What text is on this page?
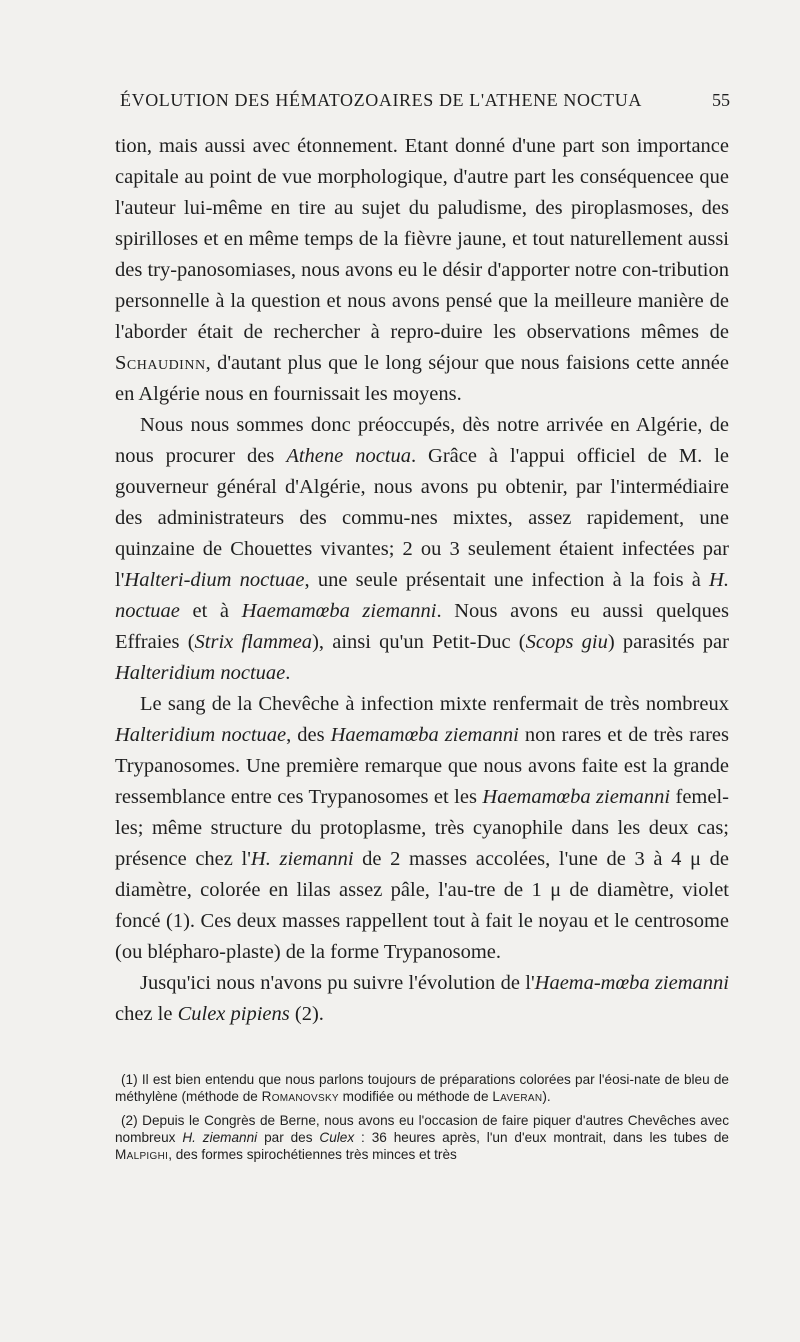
ÉVOLUTION DES HÉMATOZOAIRES DE L'ATHENE NOCTUA	55

tion, mais aussi avec étonnement. Etant donné d'une part son importance capitale au point de vue morphologique, d'autre part les conséquencee que l'auteur lui-même en tire au sujet du paludisme, des piroplasmoses, des spirilloses et en même temps de la fièvre jaune, et tout naturellement aussi des try-panosomiases, nous avons eu le désir d'apporter notre con-tribution personnelle à la question et nous avons pensé que la meilleure manière de l'aborder était de rechercher à repro-duire les observations mêmes de Schaudinn, d'autant plus que le long séjour que nous faisions cette année en Algérie nous en fournissait les moyens.

Nous nous sommes donc préoccupés, dès notre arrivée en Algérie, de nous procurer des Athene noctua. Grâce à l'appui officiel de M. le gouverneur général d'Algérie, nous avons pu obtenir, par l'intermédiaire des administrateurs des commu-nes mixtes, assez rapidement, une quinzaine de Chouettes vivantes; 2 ou 3 seulement étaient infectées par l'Halteri-dium noctuae, une seule présentait une infection à la fois à H. noctuae et à Haemamœba ziemanni. Nous avons eu aussi quelques Effraies (Strix flammea), ainsi qu'un Petit-Duc (Scops giu) parasités par Halteridium noctuae.

Le sang de la Chevêche à infection mixte renfermait de très nombreux Halteridium noctuae, des Haemamœba ziemanni non rares et de très rares Trypanosomes. Une première remarque que nous avons faite est la grande ressemblance entre ces Trypanosomes et les Haemamœba ziemanni femel-les; même structure du protoplasme, très cyanophile dans les deux cas; présence chez l'H. ziemanni de 2 masses accolées, l'une de 3 à 4 μ de diamètre, colorée en lilas assez pâle, l'au-tre de 1 μ de diamètre, violet foncé (1). Ces deux masses rappellent tout à fait le noyau et le centrosome (ou blépharo-plaste) de la forme Trypanosome.

Jusqu'ici nous n'avons pu suivre l'évolution de l'Haema-mœba ziemanni chez le Culex pipiens (2).

(1) Il est bien entendu que nous parlons toujours de préparations colorées par l'éosi-nate de bleu de méthylène (méthode de Romanovsky modifiée ou méthode de Laveran).

(2) Depuis le Congrès de Berne, nous avons eu l'occasion de faire piquer d'autres Chevêches avec nombreux H. ziemanni par des Culex : 36 heures après, l'un d'eux montrait, dans les tubes de Malpighi, des formes spirochétiennes très minces et très
